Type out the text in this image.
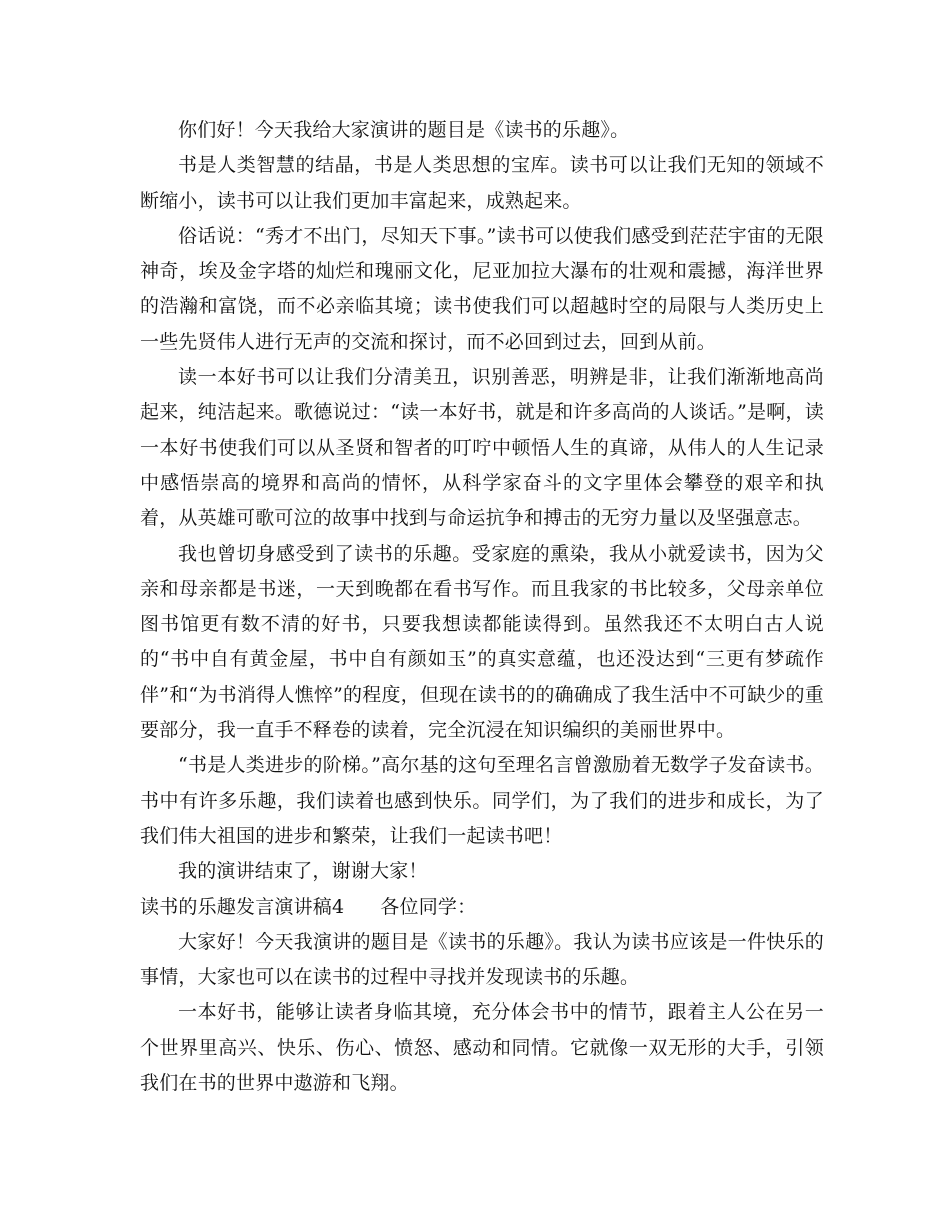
你们好！今天我给大家演讲的题目是《读书的乐趣》。

书是人类智慧的结晶，书是人类思想的宝库。读书可以让我们无知的领域不断缩小，读书可以让我们更加丰富起来，成熟起来。

俗话说：“秀才不出门，尽知天下事。”读书可以使我们感受到茫茫宇宙的无限神奇，埃及金字塔的灿烂和瑰丽文化，尼亚加拉大瀑布的壮观和震撼，海洋世界的浩瀚和富饶，而不必亲临其境；读书使我们可以超越时空的局限与人类历史上一些先贤伟人进行无声的交流和探讨，而不必回到过去，回到从前。

读一本好书可以让我们分清美丑，识别善恶，明辨是非，让我们渐渐地高尚起来，纯洁起来。歌德说过：“读一本好书，就是和许多高尚的人谈话。”是啊，读一本好书使我们可以从圣贤和智者的叮咛中顿悟人生的真谛，从伟人的人生记录中感悟崇高的境界和高尚的情怀，从科学家奋斗的文字里体会攀登的艰辛和执着，从英雄可歌可泣的故事中找到与命运抗争和搏击的无穷力量以及坚强意志。

我也曾切身感受到了读书的乐趣。受家庭的熏染，我从小就爱读书，因为父亲和母亲都是书迷，一天到晚都在看书写作。而且我家的书比较多，父母亲单位图书馆更有数不清的好书，只要我想读都能读得到。虽然我还不太明白古人说的“书中自有黄金屋，书中自有颜如玉”的真实意蕴，也还没达到“三更有梦疏作伴”和“为书消得人憔悴”的程度，但现在读书的的确确成了我生活中不可缺少的重要部分，我一直手不释卷的读着，完全沉浸在知识编织的美丽世界中。

“书是人类进步的阶梯。”高尔基的这句至理名言曾激励着无数学子发奋读书。书中有许多乐趣，我们读着也感到快乐。同学们，为了我们的进步和成长，为了我们伟大祖国的进步和繁荣，让我们一起读书吧！

我的演讲结束了，谢谢大家！

读书的乐趣发言演讲稿4 各位同学：

大家好！今天我演讲的题目是《读书的乐趣》。我认为读书应该是一件快乐的事情，大家也可以在读书的过程中寻找并发现读书的乐趣。

一本好书，能够让读者身临其境，充分体会书中的情节，跟着主人公在另一个世界里高兴、快乐、伤心、愤怒、感动和同情。它就像一双无形的大手，引领我们在书的世界中遨游和飞翔。
